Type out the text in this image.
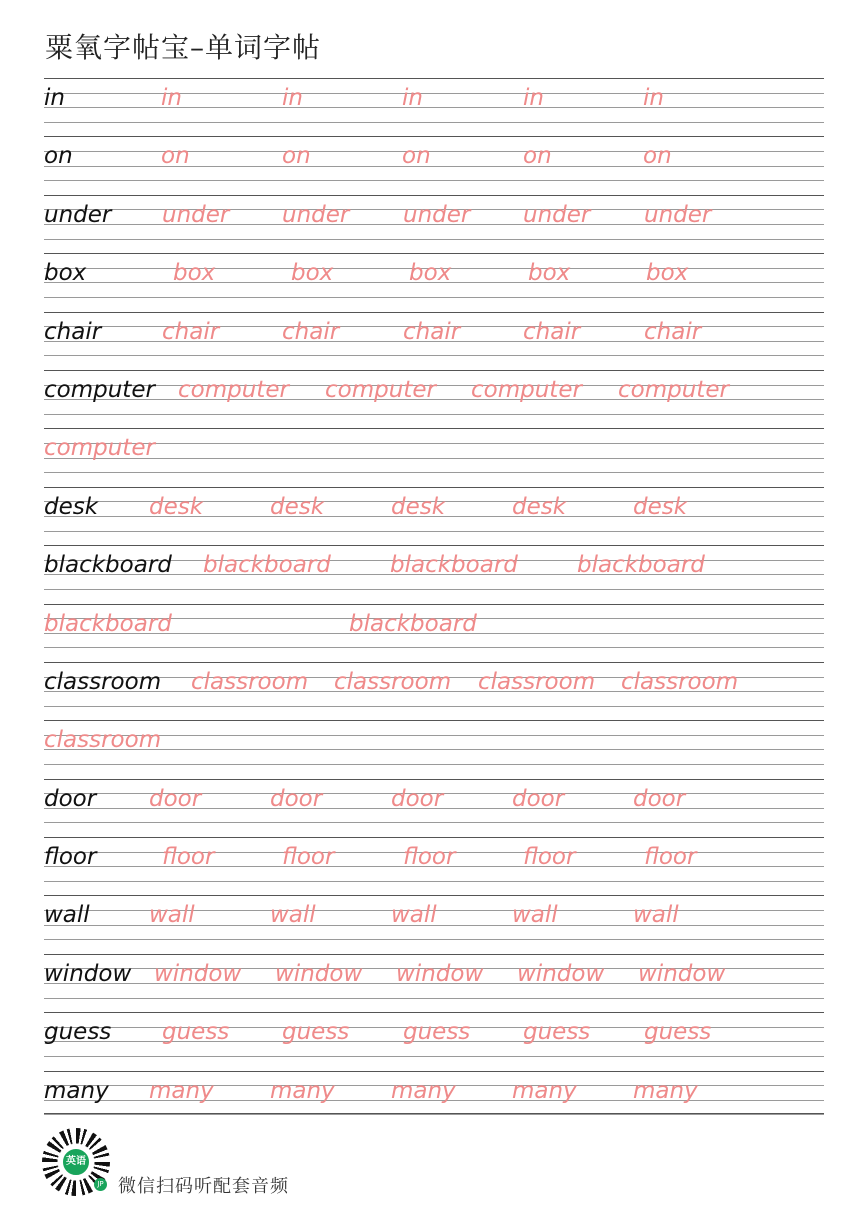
粟氧字帖宝–单词字帖
in	in	in	in	in	in
on	on	on	on	on	on
under under under under under under
box	box	box	box	box	box
chair	chair	chair	chair	chair	chair
computer computer computer computer computer
computer
desk desk	desk	desk	desk	desk
blackboard blackboard	blackboard	blackboard
blackboard	blackboard
classroom classroom classroom classroom classroom
classroom
door door	door	door	door	door
floor	floor	floor	floor	floor	floor
wall	wall	wall	wall	wall	wall
window window window window window window
guess guess guess guess guess guess
many many many many many many
英语
JP 微信扫码听配套音频
